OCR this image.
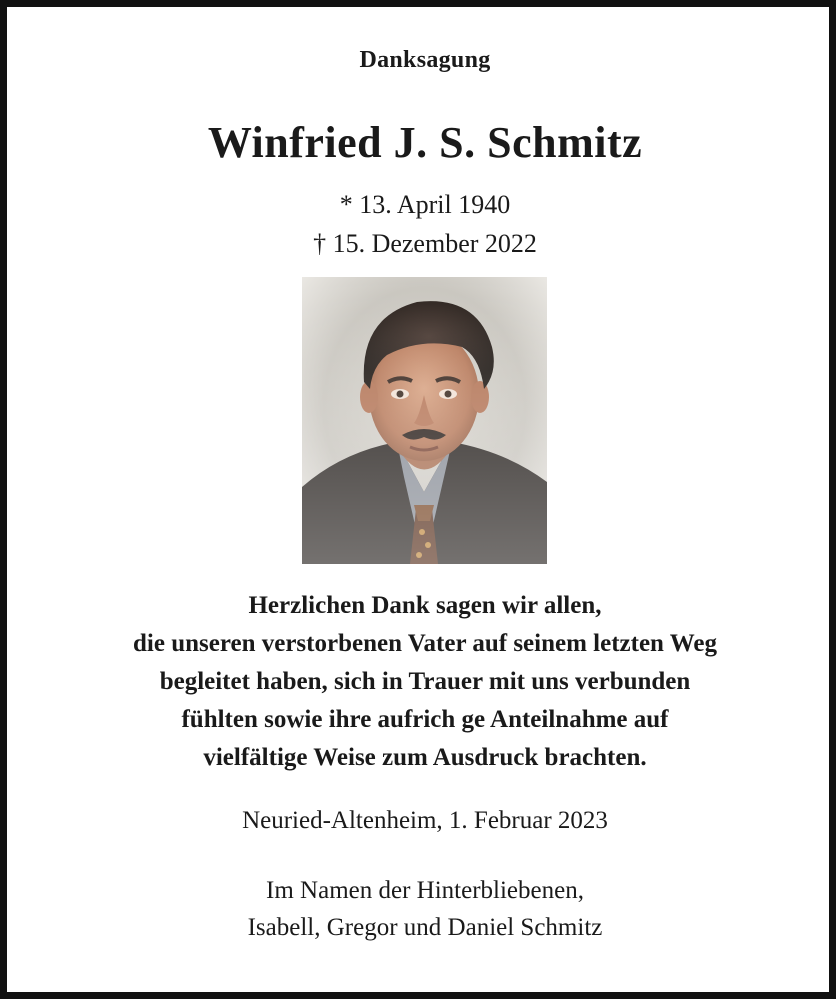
Danksagung
Winfried J. S. Schmitz
* 13. April 1940
† 15. Dezember 2022
Herzlichen Dank sagen wir allen,
die unseren verstorbenen Vater auf seinem letzten Weg
begleitet haben, sich in Trauer mit uns verbunden
fühlten sowie ihre aufrich ge Anteilnahme auf
vielfältige Weise zum Ausdruck brachten.
Neuried-Altenheim, 1. Februar 2023
Im Namen der Hinterbliebenen,
Isabell, Gregor und Daniel Schmitz
